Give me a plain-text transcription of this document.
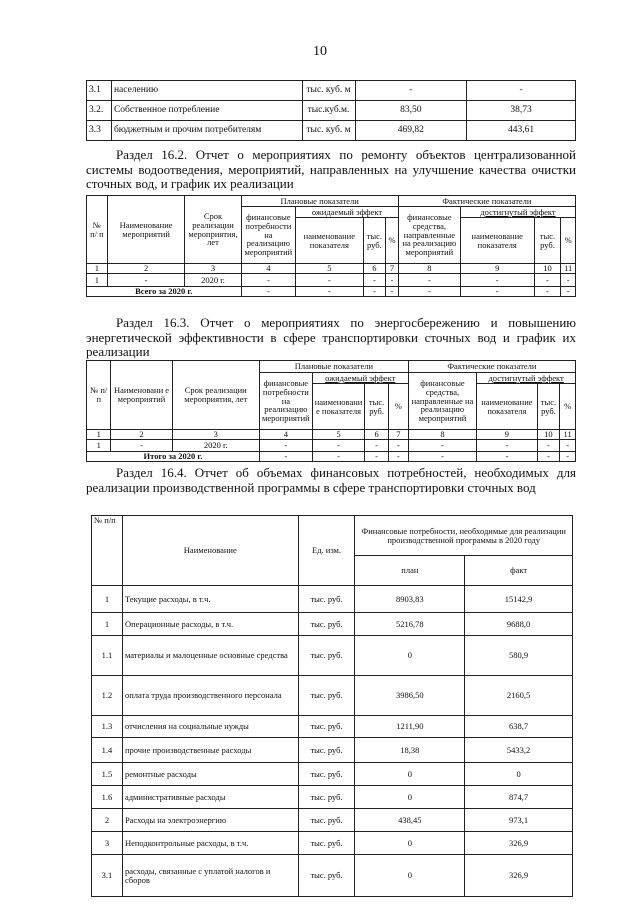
10
3.1	населению	тыс. куб. м	-	-
3.2.	Собственное потребление	тыс.куб.м.	83,50	38,73
3.3	бюджетным и прочим потребителям	тыс. куб. м	469,82	443,61
Раздел 16.2. Отчет о мероприятиях по ремонту объектов централизованной системы водоотведения, мероприятий, направленных на улучшение качества очистки сточных вод, и график их реализации
№ п/ п	Наименование мероприятий	Срок реализации мероприятия, лет	Плановые показатели				Фактические показатели			
			финансовые потребности на реализацию мероприятий	ожидаемый эффект			финансовые средства, направленные на реализацию мероприятий	достигнутый эффект		
				наименование показателя	тыс. руб.	%		наименование показателя	тыс. руб.	%
1	2	3	4	5	6	7	8	9	10	11
1	-	2020 г.	-	-	-	-	-	-	-	-
Всего за 2020 г.			-	-	-	-	-	-	-	-
Раздел 16.3. Отчет о мероприятиях по энергосбережению и повышению энергетической эффективности в сфере транспортировки сточных вод и график их реализации
№ п/ п	Наименовани е мероприятий	Срок реализации мероприятия, лет	Плановые показатели				Фактические показатели			
			финансовые потребности на реализацию мероприятий	ожидаемый эффект			финансовые средства, направленные на реализацию мероприятий	достигнутый эффект		
				наименовани е показателя	тыс. руб.	%		наименование показателя	тыс. руб.	%
1	2	3	4	5	6	7	8	9	10	11
1	-	2020 г.	-	-	-	-	-	-	-	-
Итого за 2020 г.			-	-	-	-	-	-	-	-
Раздел 16.4. Отчет об объемах финансовых потребностей, необходимых для реализации производственной программы в сфере транспортировки сточных вод
№ п/п	Наименование	Ед. изм.	Финансовые потребности, необходимые для реализации производственной программы в 2020 году	
			план	факт
1	Текущие расходы, в т.ч.	тыс. руб.	8903,83	15142,9
1	Операционные расходы, в т.ч.	тыс. руб.	5216,78	9688,0
1.1	материалы и малоценные основные средства	тыс. руб.	0	580,9
1.2	оплата труда производственного персонала	тыс. руб.	3986,50	2160,5
1.3	отчисления на социальные нужды	тыс. руб.	1211,90	638,7
1.4	прочие производственные расходы	тыс. руб.	18,38	5433,2
1.5	ремонтные расходы	тыс. руб.	0	0
1.6	административные расходы	тыс. руб.	0	874,7
2	Расходы на электроэнергию	тыс. руб.	438,45	973,1
3	Неподконтрольные расходы, в т.ч.	тыс. руб.	0	326,9
3.1	расходы, связанные с уплатой налогов и сборов	тыс. руб.	0	326,9
